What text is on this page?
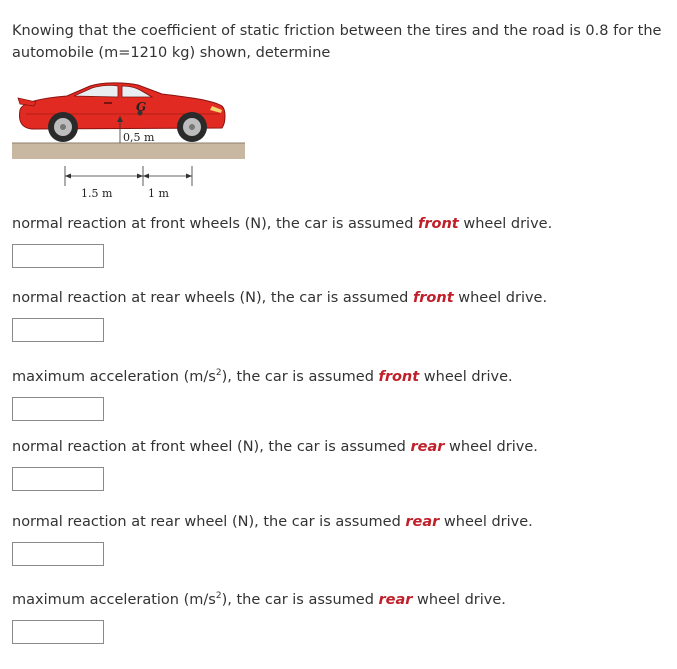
Knowing that the coefficient of static friction between the tires and the road is 0.8 for the automobile (m=1210 kg) shown, determine

G
0,5 m
1.5 m	1 m

normal reaction at front wheels (N), the car is assumed front wheel drive.

normal reaction at rear wheels (N), the car is assumed front wheel drive.

maximum acceleration $(m/s^2)$, the car is assumed front wheel drive.

normal reaction at front wheel (N), the car is assumed rear wheel drive.

normal reaction at rear wheel (N), the car is assumed rear wheel drive.

maximum acceleration $(m/s^2)$, the car is assumed rear wheel drive.
